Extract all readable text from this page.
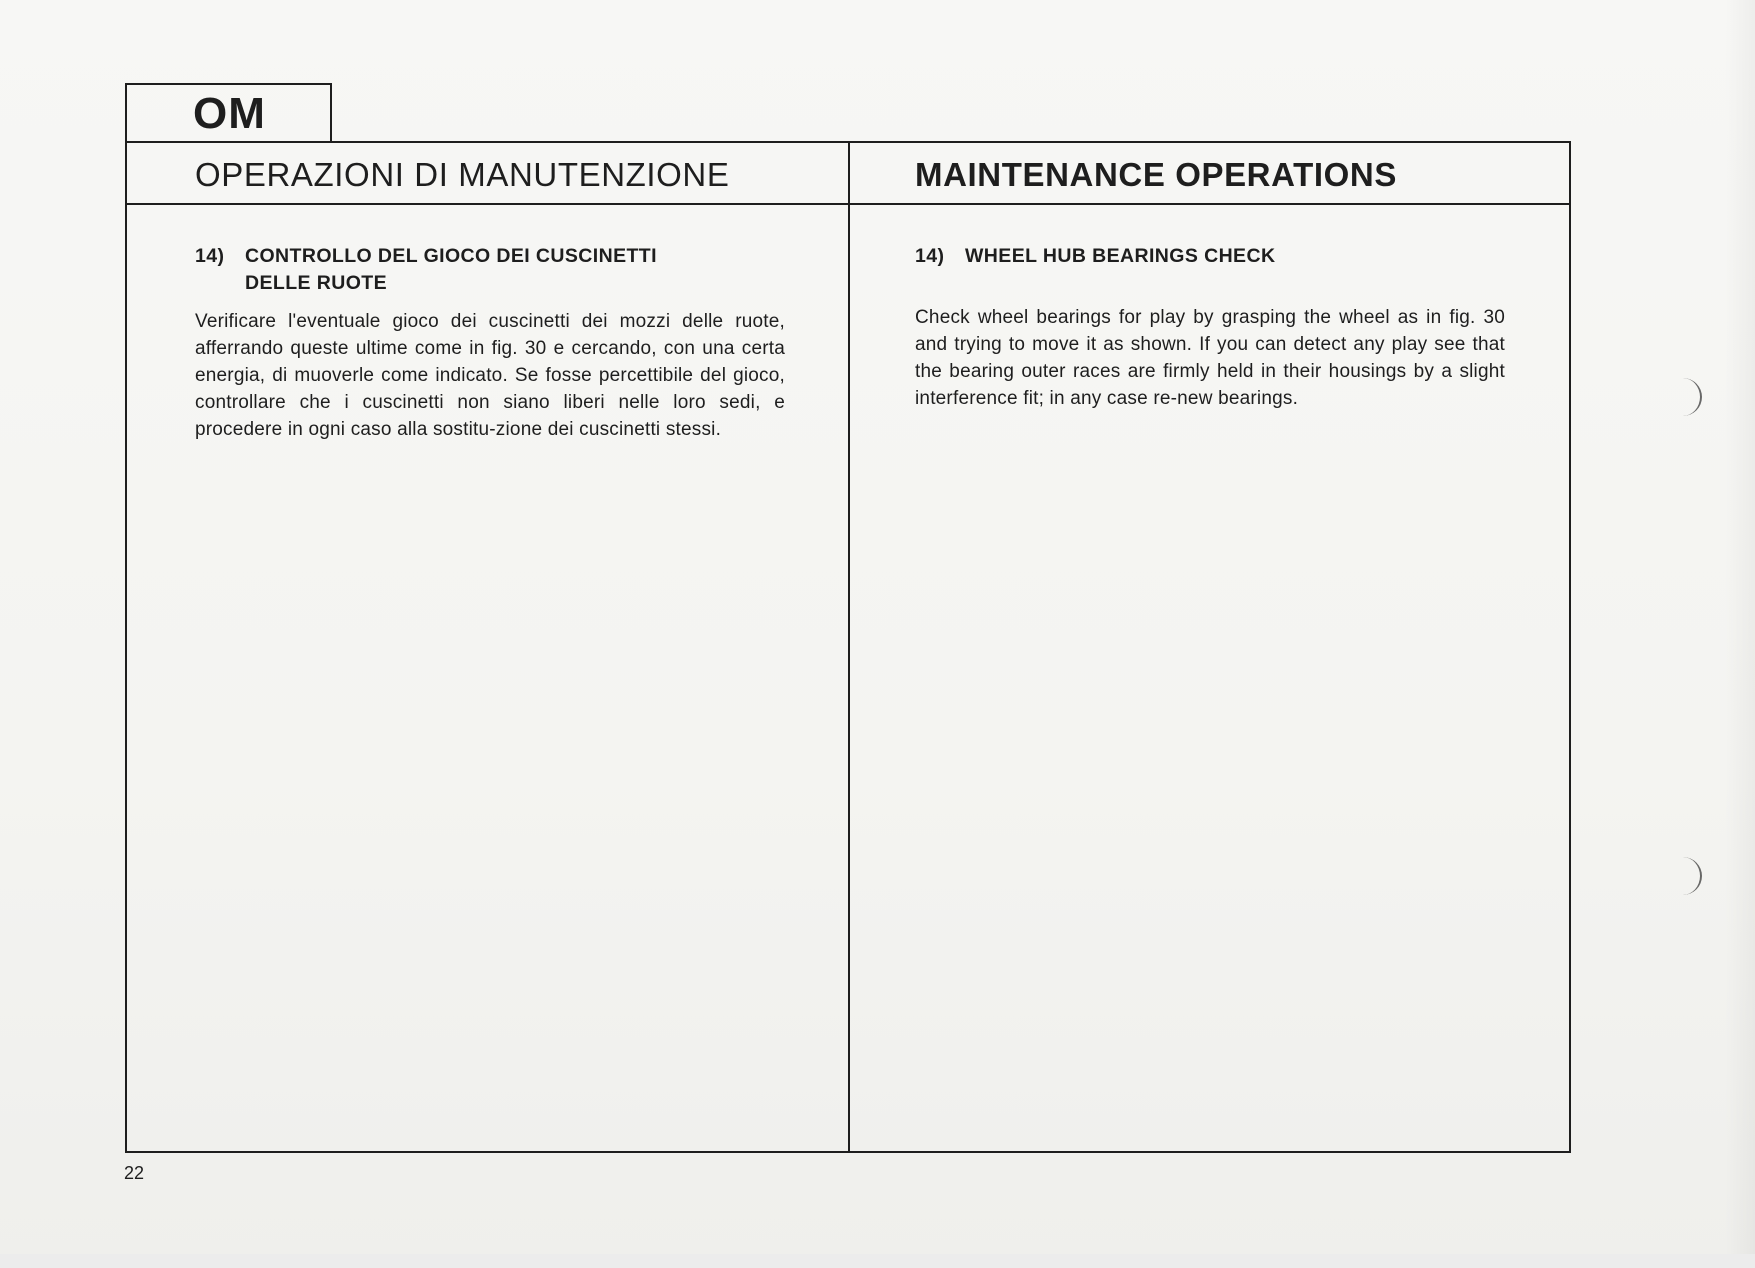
OM
OPERAZIONI DI MANUTENZIONE	MAINTENANCE OPERATIONS
14)	CONTROLLO DEL GIOCO DEI CUSCINETTI
DELLE RUOTE

Verificare l'eventuale gioco dei cuscinetti dei mozzi delle ruote, afferrando queste ultime come in fig. 30 e cercando, con una certa energia, di muoverle come indicato. Se fosse percettibile del gioco, controllare che i cuscinetti non siano liberi nelle loro sedi, e procedere in ogni caso alla sostitu-zione dei cuscinetti stessi.

14)	WHEEL HUB BEARINGS CHECK

Check wheel bearings for play by grasping the wheel as in fig. 30 and trying to move it as shown. If you can detect any play see that the bearing outer races are firmly held in their housings by a slight interference fit; in any case re-new bearings.

22
